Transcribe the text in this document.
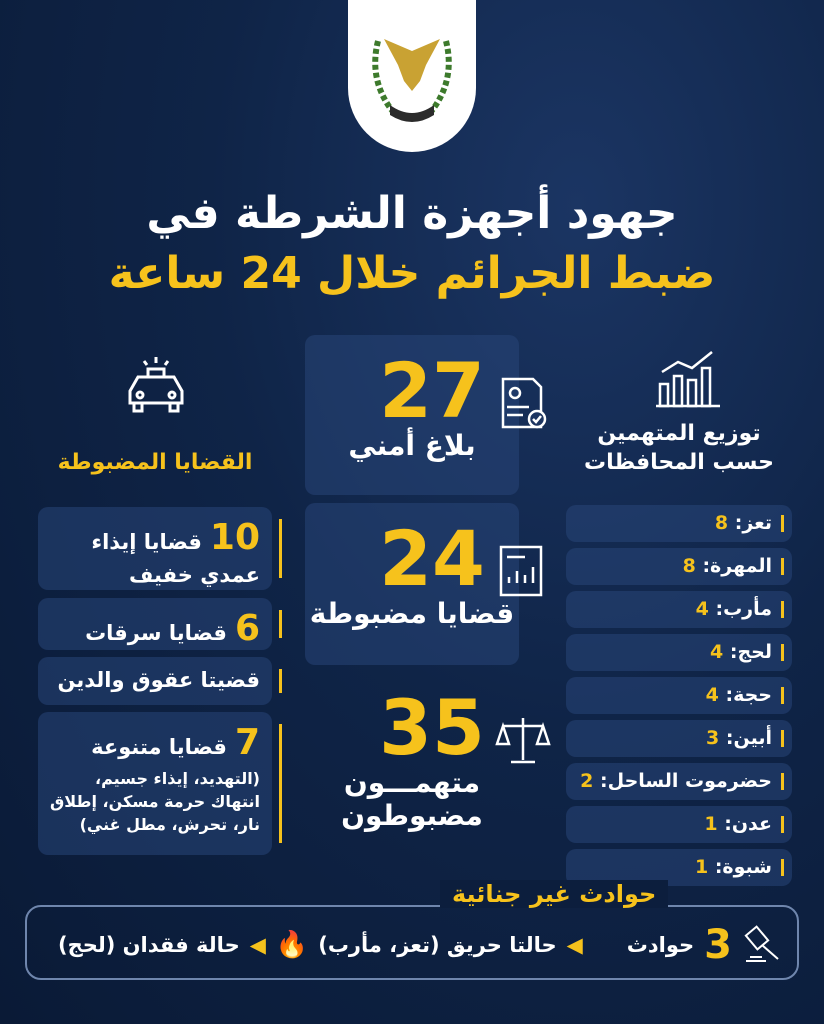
جهود أجهزة الشرطة في
ضبط الجرائم خلال 24 ساعة
القضايا المضبوطة
10قضايا إيذاء عمدي خفيف
6قضايا سرقات
قضيتا عقوق والدين
7قضايا متنوعة
(التهديد، إيذاء جسيم، انتهاك حرمة مسكن، إطلاق نار، تحرش، مطل غني)
27
بلاغ أمني
24
قضايا مضبوطة
35
متهمـــون
مضبوطون
توزيع المتهمين
حسب المحافظات
تعز: 8
المهرة: 8
مأرب: 4
لحج: 4
حجة: 4
أبين: 3
حضرموت الساحل: 2
عدن: 1
شبوة: 1
حوادث غير جنائية
3
حوادث
◀
حالتا حريق (تعز، مأرب)
🔥
◀
حالة فقدان (لحج)
